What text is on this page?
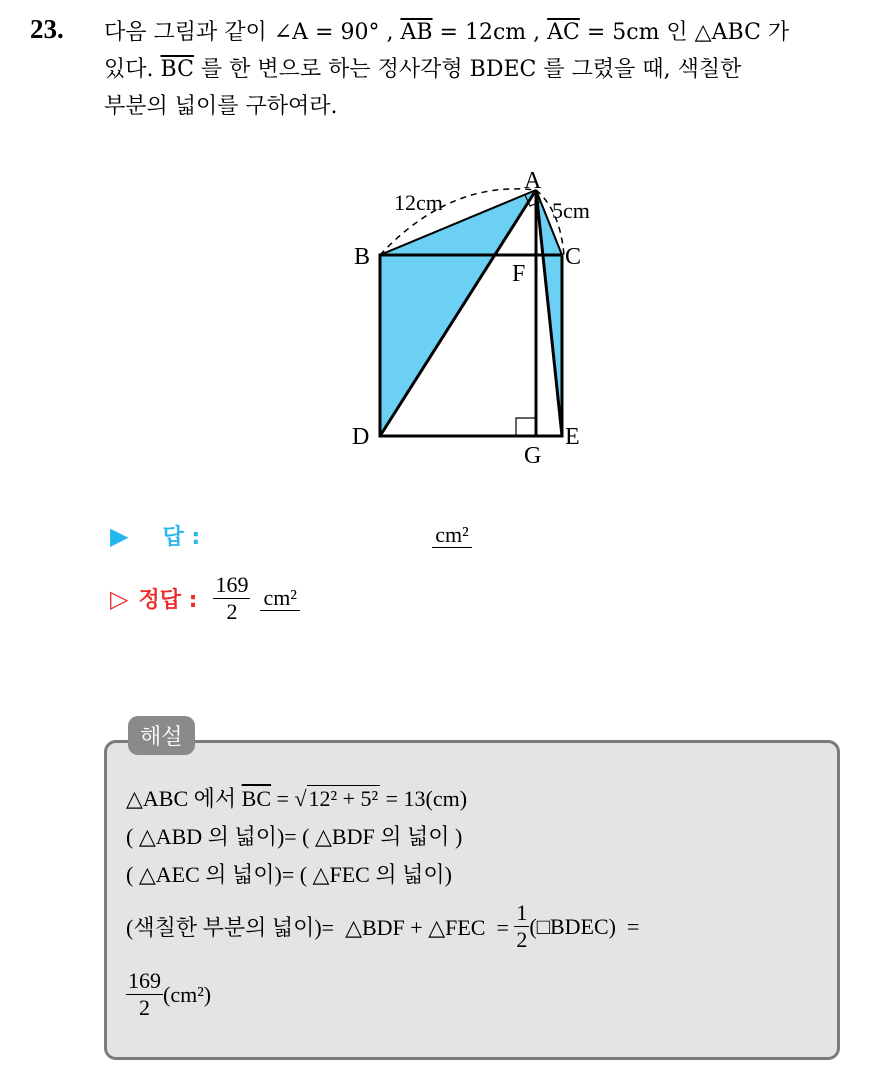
23. 다음 그림과 같이 ∠A = 90° , $\overline{AB} = 12cm$ , $\overline{AC} = 5cm$ 인 △ABC 가
있다. $\overline{BC}$ 를 한 변으로 하는 정사각형 BDEC 를 그렸을 때, 색칠한
부분의 넓이를 구하여라.
A
B	C
D	E
F
G
12cm	5cm
▶ 답 :	cm²
▷ 정답 : $\frac{169}{2} cm^2$
해설
△ABC 에서 $\overline{BC} = √12^2 + 5^2 = 13(cm)$
( △ABD 의 넓이)= ( △BDF 의 넓이 )
( △AEC 의 넓이)= ( △FEC 의 넓이)
(색칠한 부분의 넓이)=  △BDF + △FEC  = $\frac{1}{2}$ (□BDEC)  =
$\frac{169}{2} (cm^2)$
